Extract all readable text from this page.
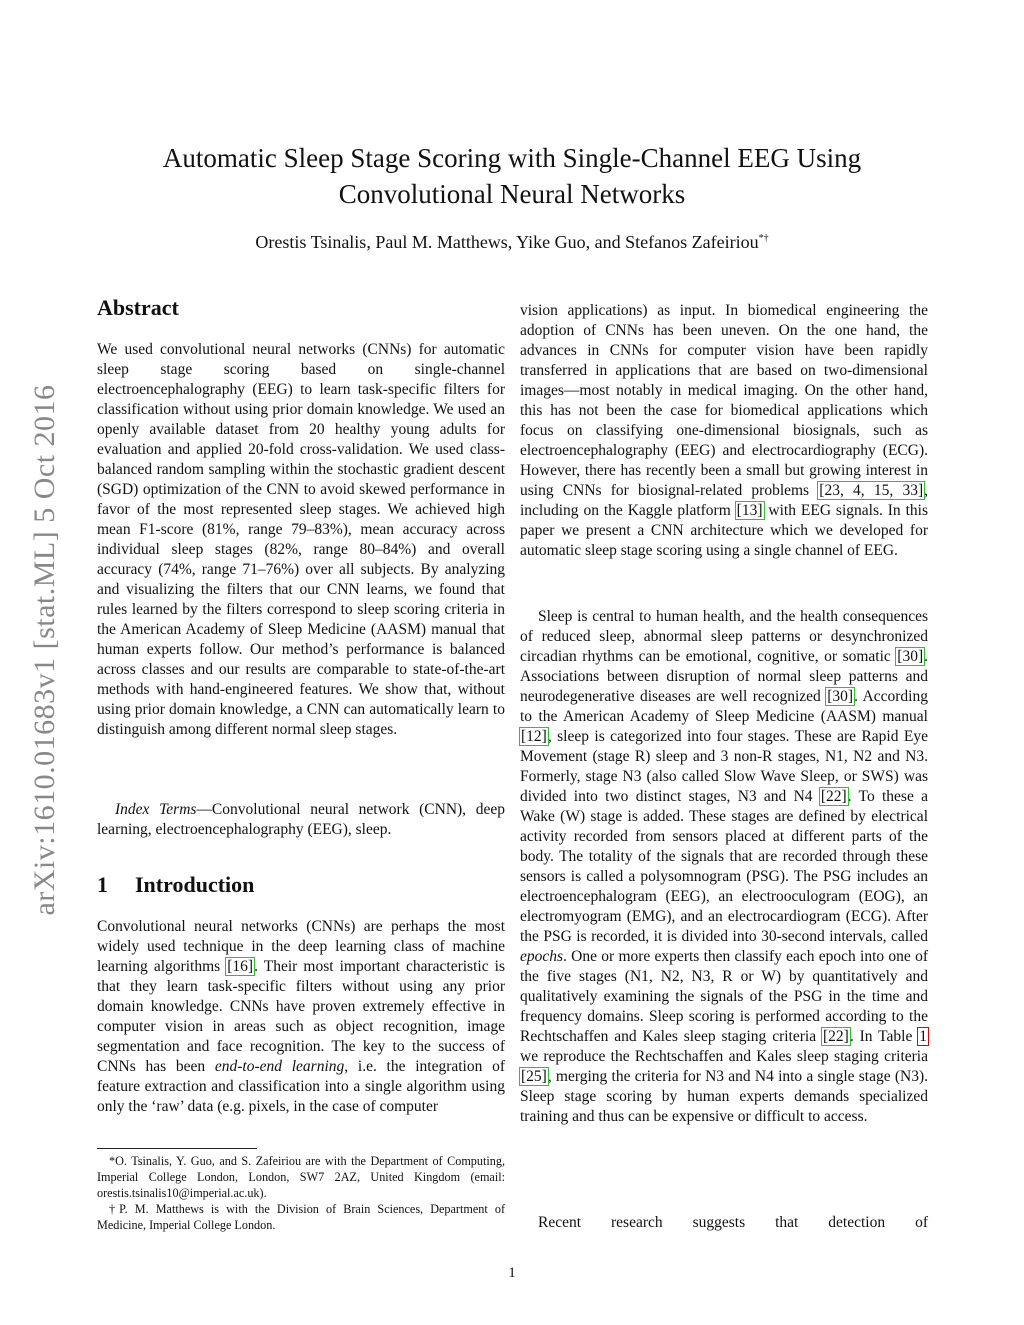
arXiv:1610.01683v1 [stat.ML] 5 Oct 2016
Automatic Sleep Stage Scoring with Single-Channel EEG Using
Convolutional Neural Networks
Orestis Tsinalis, Paul M. Matthews, Yike Guo, and Stefanos Zafeiriou*†
Abstract

We used convolutional neural networks (CNNs) for automatic sleep stage scoring based on single-channel electroencephalography (EEG) to learn task-specific filters for classification without using prior domain knowledge. We used an openly available dataset from 20 healthy young adults for evaluation and applied 20-fold cross-validation. We used class-balanced random sampling within the stochastic gradient descent (SGD) optimization of the CNN to avoid skewed performance in favor of the most represented sleep stages. We achieved high mean F1-score (81%, range 79–83%), mean accuracy across individual sleep stages (82%, range 80–84%) and overall accuracy (74%, range 71–76%) over all subjects. By analyzing and visualizing the filters that our CNN learns, we found that rules learned by the filters correspond to sleep scoring criteria in the American Academy of Sleep Medicine (AASM) manual that human experts follow. Our method’s performance is balanced across classes and our results are comparable to state-of-the-art methods with hand-engineered features. We show that, without using prior domain knowledge, a CNN can automatically learn to distinguish among different normal sleep stages.

Index Terms—Convolutional neural network (CNN), deep learning, electroencephalography (EEG), sleep.

1 Introduction

Convolutional neural networks (CNNs) are perhaps the most widely used technique in the deep learning class of machine learning algorithms [16]. Their most important characteristic is that they learn task-specific filters without using any prior domain knowledge. CNNs have proven extremely effective in computer vision in areas such as object recognition, image segmentation and face recognition. The key to the success of CNNs has been end-to-end learning, i.e. the integration of feature extraction and classification into a single algorithm using only the ‘raw’ data (e.g. pixels, in the case of computer

*O. Tsinalis, Y. Guo, and S. Zafeiriou are with the Department of Computing, Imperial College London, London, SW7 2AZ, United Kingdom (email: orestis.tsinalis10@imperial.ac.uk).

†P. M. Matthews is with the Division of Brain Sciences, Department of Medicine, Imperial College London.

vision applications) as input. In biomedical engineering the adoption of CNNs has been uneven. On the one hand, the advances in CNNs for computer vision have been rapidly transferred in applications that are based on two-dimensional images—most notably in medical imaging. On the other hand, this has not been the case for biomedical applications which focus on classifying one-dimensional biosignals, such as electroencephalography (EEG) and electrocardiography (ECG). However, there has recently been a small but growing interest in using CNNs for biosignal-related problems [23, 4, 15, 33], including on the Kaggle platform [13] with EEG signals. In this paper we present a CNN architecture which we developed for automatic sleep stage scoring using a single channel of EEG.

Sleep is central to human health, and the health consequences of reduced sleep, abnormal sleep patterns or desynchronized circadian rhythms can be emotional, cognitive, or somatic [30]. Associations between disruption of normal sleep patterns and neurodegenerative diseases are well recognized [30]. According to the American Academy of Sleep Medicine (AASM) manual [12], sleep is categorized into four stages. These are Rapid Eye Movement (stage R) sleep and 3 non-R stages, N1, N2 and N3. Formerly, stage N3 (also called Slow Wave Sleep, or SWS) was divided into two distinct stages, N3 and N4 [22]. To these a Wake (W) stage is added. These stages are defined by electrical activity recorded from sensors placed at different parts of the body. The totality of the signals that are recorded through these sensors is called a polysomnogram (PSG). The PSG includes an electroencephalogram (EEG), an electrooculogram (EOG), an electromyogram (EMG), and an electrocardiogram (ECG). After the PSG is recorded, it is divided into 30-second intervals, called epochs. One or more experts then classify each epoch into one of the five stages (N1, N2, N3, R or W) by quantitatively and qualitatively examining the signals of the PSG in the time and frequency domains. Sleep scoring is performed according to the Rechtschaffen and Kales sleep staging criteria [22]. In Table 1 we reproduce the Rechtschaffen and Kales sleep staging criteria [25], merging the criteria for N3 and N4 into a single stage (N3). Sleep stage scoring by human experts demands specialized training and thus can be expensive or difficult to access.

Recent research suggests that detection of

1
